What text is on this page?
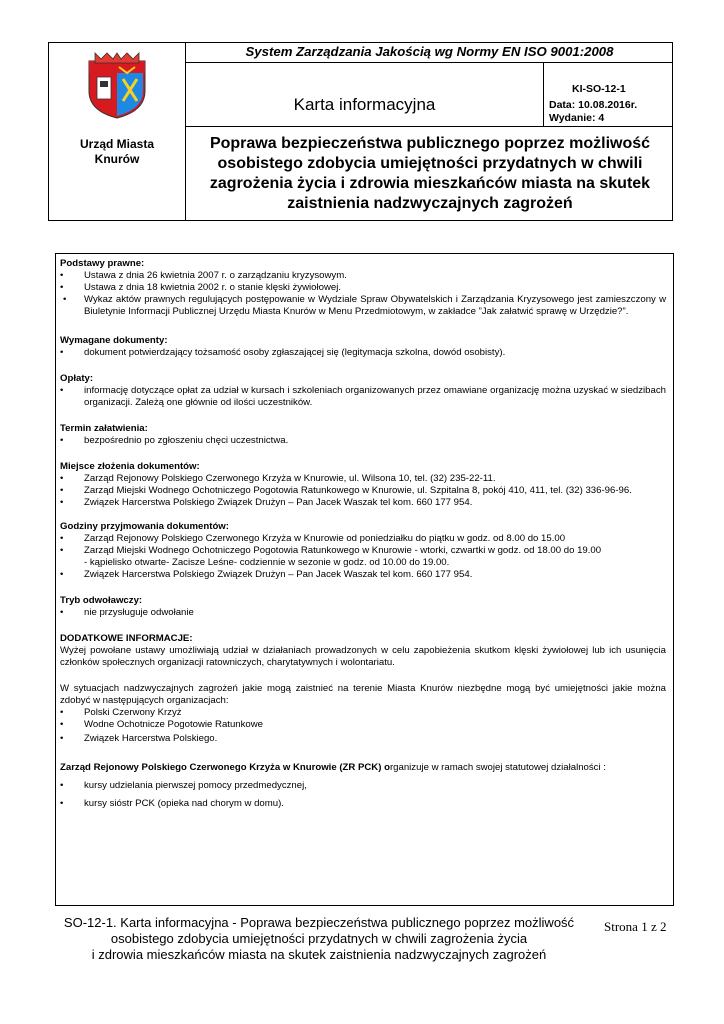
System Zarządzania Jakością wg Normy EN ISO 9001:2008
Karta informacyjna
KI-SO-12-1
Data: 10.08.2016r.
Wydanie: 4
Urząd Miasta
Knurów
Poprawa bezpieczeństwa publicznego poprzez możliwość
osobistego zdobycia umiejętności przydatnych w chwili
zagrożenia życia i zdrowia mieszkańców miasta na skutek
zaistnienia nadzwyczajnych zagrożeń
Podstawy prawne:
• Ustawa z dnia 26 kwietnia 2007 r. o zarządzaniu kryzysowym.
• Ustawa z dnia 18 kwietnia 2002 r. o stanie klęski żywiołowej.
• Wykaz aktów prawnych regulujących postępowanie w Wydziale Spraw Obywatelskich i Zarządzania Kryzysowego jest zamieszczony w Biuletynie Informacji Publicznej Urzędu Miasta Knurów w Menu Przedmiotowym, w zakładce ”Jak załatwić sprawę w Urzędzie?”.
Wymagane dokumenty:
• dokument potwierdzający tożsamość osoby zgłaszającej się (legitymacja szkolna, dowód osobisty).
Opłaty:
• informację dotyczące opłat za udział w kursach i szkoleniach organizowanych przez omawiane organizację można uzyskać w siedzibach organizacji. Zależą one głównie od ilości uczestników.
Termin załatwienia:
• bezpośrednio po zgłoszeniu chęci uczestnictwa.
Miejsce złożenia dokumentów:
• Zarząd Rejonowy Polskiego Czerwonego Krzyża w Knurowie, ul. Wilsona 10, tel. (32) 235-22-11.
• Zarząd Miejski Wodnego Ochotniczego Pogotowia Ratunkowego w Knurowie, ul. Szpitalna 8, pokój 410, 411, tel. (32) 336-96-96.
• Związek Harcerstwa Polskiego Związek Drużyn – Pan Jacek Waszak tel kom. 660 177 954.
Godziny przyjmowania dokumentów:
• Zarząd Rejonowy Polskiego Czerwonego Krzyża w Knurowie od poniedziałku do piątku w godz. od 8.00 do 15.00
• Zarząd Miejski Wodnego Ochotniczego Pogotowia Ratunkowego w Knurowie - wtorki, czwartki w godz. od 18.00 do 19.00
- kąpielisko otwarte- Zacisze Leśne- codziennie w sezonie w godz. od 10.00 do 19.00.
• Związek Harcerstwa Polskiego Związek Drużyn – Pan Jacek Waszak tel kom. 660 177 954.
Tryb odwoławczy:
• nie przysługuje odwołanie
DODATKOWE INFORMACJE:
Wyżej powołane ustawy umożliwiają udział w działaniach prowadzonych w celu zapobieżenia skutkom klęski żywiołowej lub ich usunięcia członków społecznych organizacji ratowniczych, charytatywnych i wolontariatu.
W sytuacjach nadzwyczajnych zagrożeń jakie mogą zaistnieć na terenie Miasta Knurów niezbędne mogą być umiejętności jakie można zdobyć w następujących organizacjach:
• Polski Czerwony Krzyż
• Wodne Ochotnicze Pogotowie Ratunkowe
• Związek Harcerstwa Polskiego.
Zarząd Rejonowy Polskiego Czerwonego Krzyża w Knurowie (ZR PCK) organizuje w ramach swojej statutowej działalności :
• kursy udzielania pierwszej pomocy przedmedycznej,
• kursy sióstr PCK (opieka nad chorym w domu).
SO-12-1. Karta informacyjna - Poprawa bezpieczeństwa publicznego poprzez możliwość
osobistego zdobycia umiejętności przydatnych w chwili zagrożenia życia
i zdrowia mieszkańców miasta na skutek zaistnienia nadzwyczajnych zagrożeń
Strona 1 z 2
